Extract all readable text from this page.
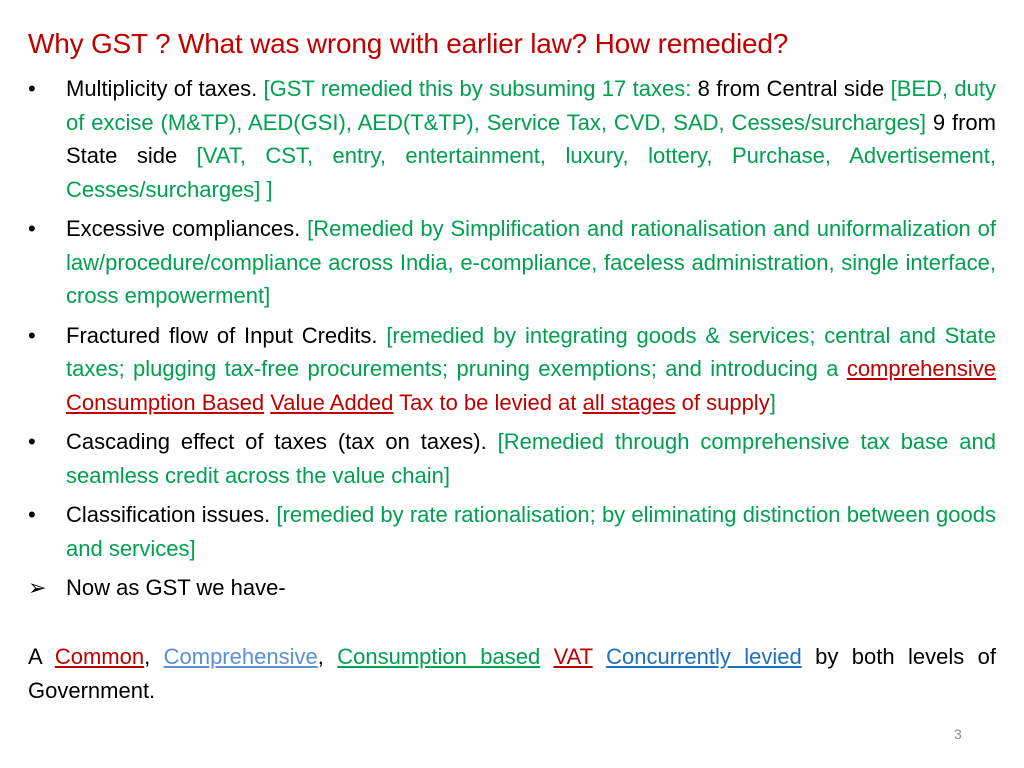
Why GST ? What was wrong with earlier law? How remedied?
•	Multiplicity of taxes. [GST remedied this by subsuming 17 taxes: 8 from Central side [BED, duty of excise (M&TP), AED(GSI), AED(T&TP), Service Tax, CVD, SAD, Cesses/surcharges] 9 from State side [VAT, CST, entry, entertainment, luxury, lottery, Purchase, Advertisement, Cesses/surcharges] ]
•	Excessive compliances. [Remedied by Simplification and rationalisation and uniformalization of law/procedure/compliance across India, e-compliance, faceless administration, single interface, cross empowerment]
•	Fractured flow of Input Credits. [remedied by integrating goods & services; central and State taxes; plugging tax-free procurements; pruning exemptions; and introducing a comprehensive Consumption Based Value Added Tax to be levied at all stages of supply]
•	Cascading effect of taxes (tax on taxes). [Remedied through comprehensive tax base and seamless credit across the value chain]
•	Classification issues. [remedied by rate rationalisation; by eliminating distinction between goods and services]
➢ Now as GST we have-
A Common, Comprehensive, Consumption based VAT Concurrently levied by both levels of Government.
3
